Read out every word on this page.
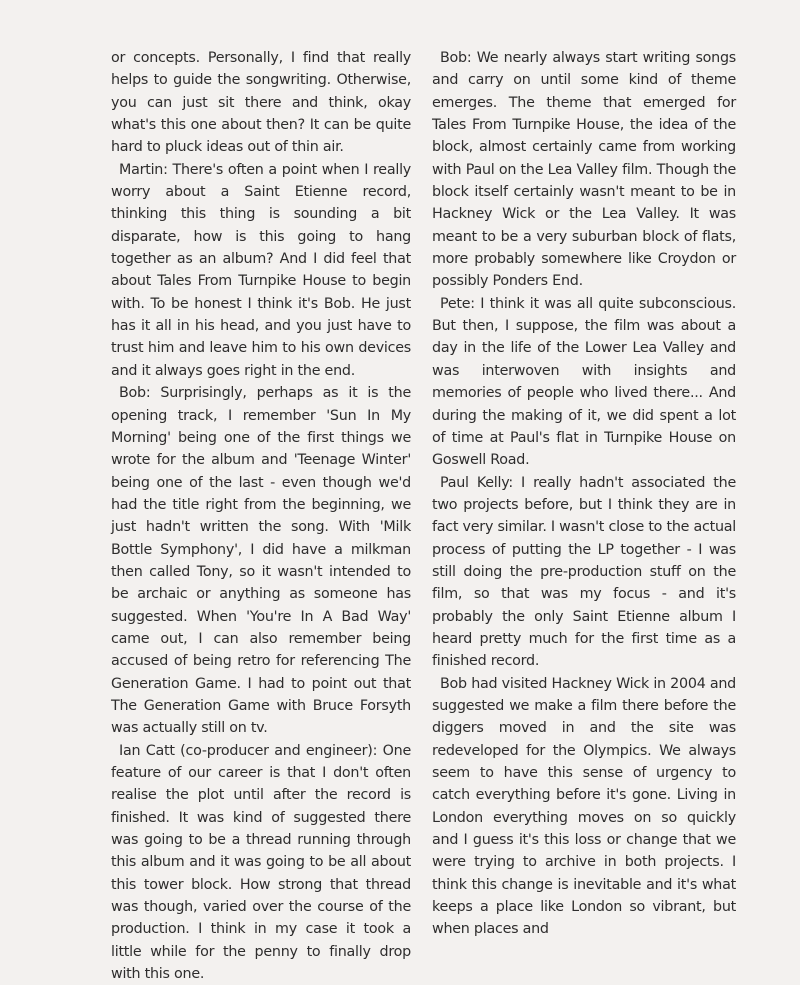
or concepts. Personally, I find that really helps to guide the songwriting. Otherwise, you can just sit there and think, okay what's this one about then? It can be quite hard to pluck ideas out of thin air.

Martin: There's often a point when I really worry about a Saint Etienne record, thinking this thing is sounding a bit disparate, how is this going to hang together as an album? And I did feel that about Tales From Turnpike House to begin with. To be honest I think it's Bob. He just has it all in his head, and you just have to trust him and leave him to his own devices and it always goes right in the end.

Bob: Surprisingly, perhaps as it is the opening track, I remember 'Sun In My Morning' being one of the first things we wrote for the album and 'Teenage Winter' being one of the last - even though we'd had the title right from the beginning, we just hadn't written the song. With 'Milk Bottle Symphony', I did have a milkman then called Tony, so it wasn't intended to be archaic or anything as someone has suggested. When 'You're In A Bad Way' came out, I can also remember being accused of being retro for referencing The Generation Game. I had to point out that The Generation Game with Bruce Forsyth was actually still on tv.

Ian Catt (co-producer and engineer): One feature of our career is that I don't often realise the plot until after the record is finished. It was kind of suggested there was going to be a thread running through this album and it was going to be all about this tower block. How strong that thread was though, varied over the course of the production. I think in my case it took a little while for the penny to finally drop with this one.

Bob: We nearly always start writing songs and carry on until some kind of theme emerges. The theme that emerged for Tales From Turnpike House, the idea of the block, almost certainly came from working with Paul on the Lea Valley film. Though the block itself certainly wasn't meant to be in Hackney Wick or the Lea Valley. It was meant to be a very suburban block of flats, more probably somewhere like Croydon or possibly Ponders End.

Pete: I think it was all quite subconscious. But then, I suppose, the film was about a day in the life of the Lower Lea Valley and was interwoven with insights and memories of people who lived there... And during the making of it, we did spent a lot of time at Paul's flat in Turnpike House on Goswell Road.

Paul Kelly: I really hadn't associated the two projects before, but I think they are in fact very similar. I wasn't close to the actual process of putting the LP together - I was still doing the pre-production stuff on the film, so that was my focus - and it's probably the only Saint Etienne album I heard pretty much for the first time as a finished record.

Bob had visited Hackney Wick in 2004 and suggested we make a film there before the diggers moved in and the site was redeveloped for the Olympics. We always seem to have this sense of urgency to catch everything before it's gone. Living in London everything moves on so quickly and I guess it's this loss or change that we were trying to archive in both projects. I think this change is inevitable and it's what keeps a place like London so vibrant, but when places and
